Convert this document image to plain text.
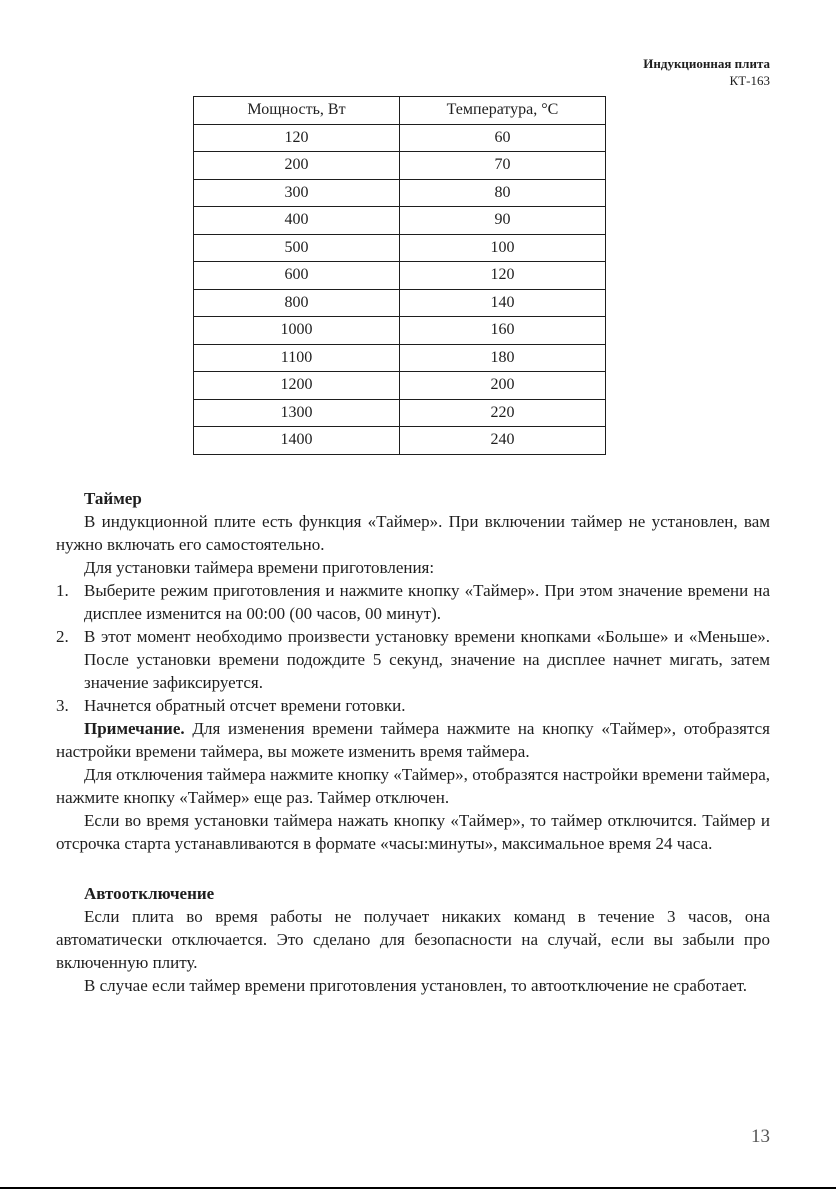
Индукционная плита
КТ-163
Мощность, Вт	Температура, °С
120	60
200	70
300	80
400	90
500	100
600	120
800	140
1000	160
1100	180
1200	200
1300	220
1400	240
Таймер

В индукционной плите есть функция «Таймер». При включении таймер не установлен, вам нужно включать его самостоятельно.

Для установки таймера времени приготовления:

1. Выберите режим приготовления и нажмите кнопку «Таймер». При этом значение времени на дисплее изменится на 00:00 (00 часов, 00 минут).
2. В этот момент необходимо произвести установку времени кнопками «Больше» и «Меньше». После установки времени подождите 5 секунд, значение на дисплее начнет мигать, затем значение зафиксируется.
3. Начнется обратный отсчет времени готовки.

Примечание. Для изменения времени таймера нажмите на кнопку «Таймер», отобразятся настройки времени таймера, вы можете изменить время таймера.

Для отключения таймера нажмите кнопку «Таймер», отобразятся настройки времени таймера, нажмите кнопку «Таймер» еще раз. Таймер отключен.

Если во время установки таймера нажать кнопку «Таймер», то таймер отключится. Таймер и отсрочка старта устанавливаются в формате «часы:минуты», максимальное время 24 часа.

Автоотключение

Если плита во время работы не получает никаких команд в течение 3 часов, она автоматически отключается. Это сделано для безопасности на случай, если вы забыли про включенную плиту.

В случае если таймер времени приготовления установлен, то автоотключение не сработает.

13
